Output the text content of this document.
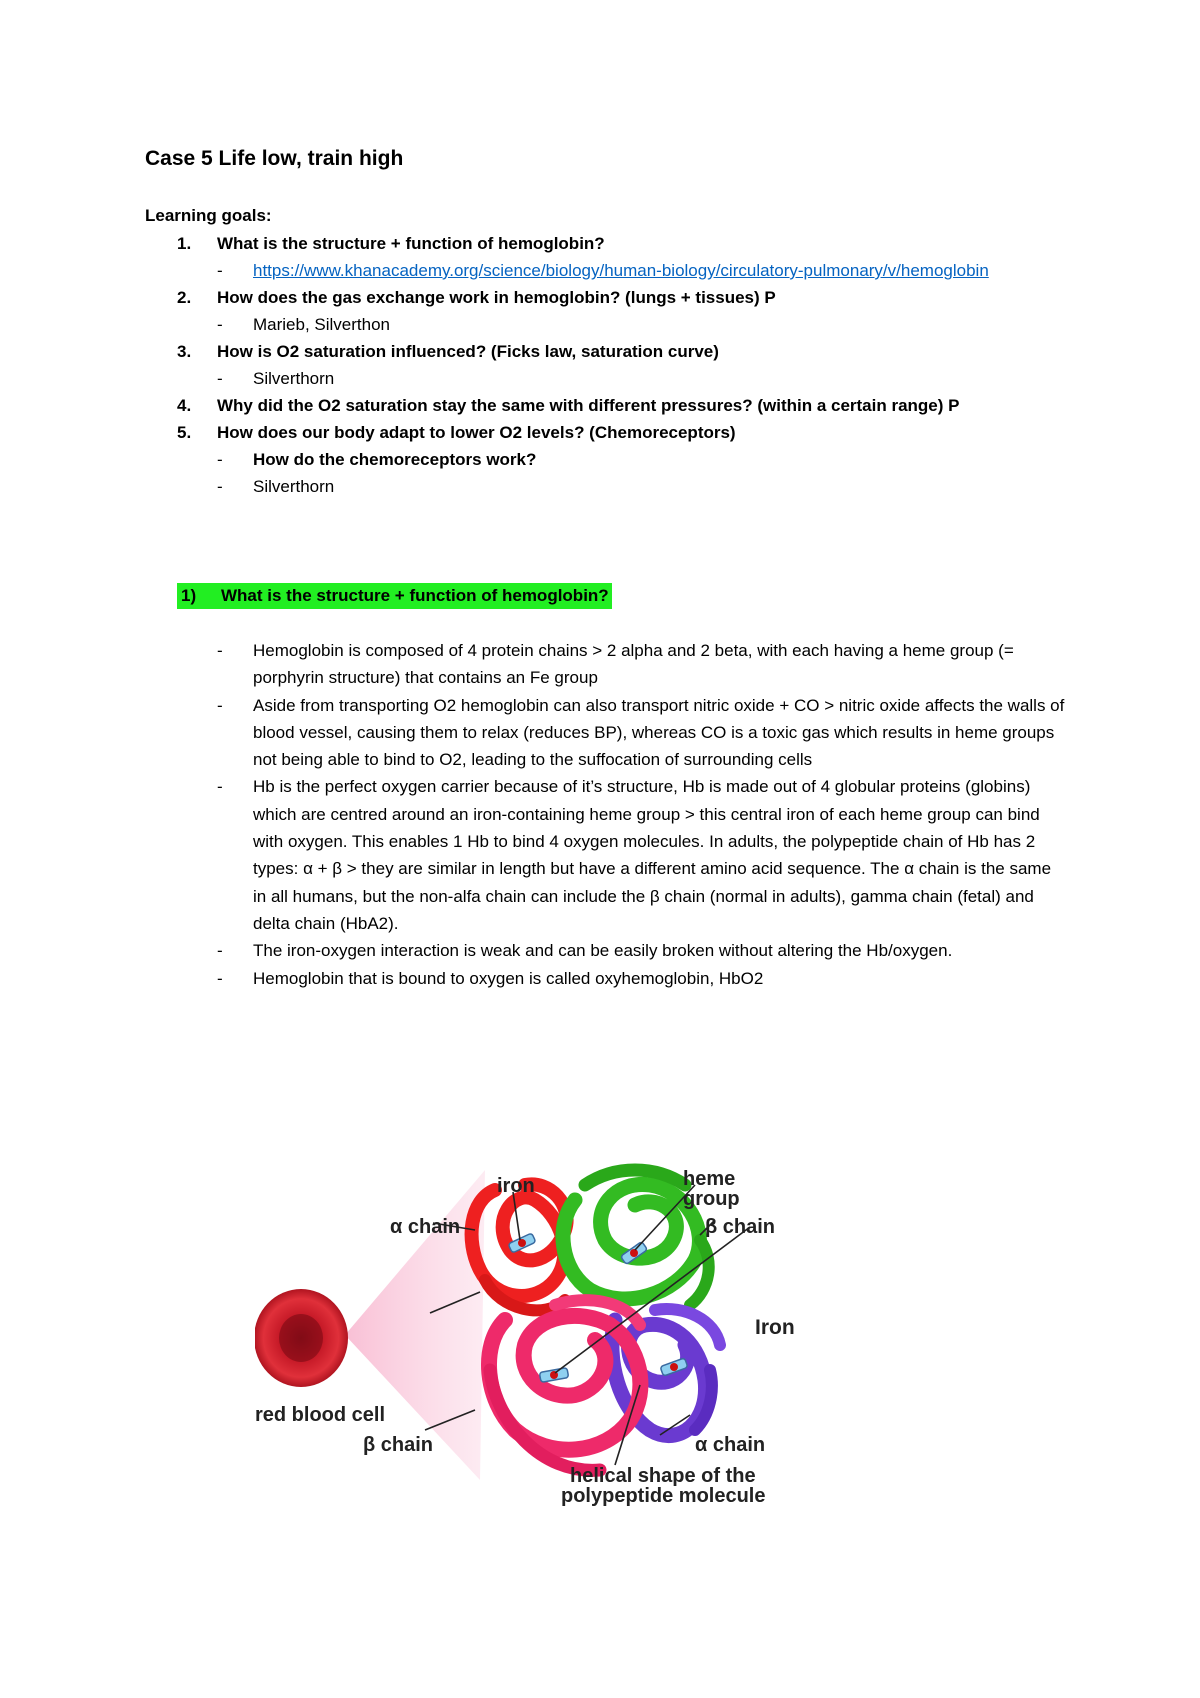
Case 5 Life low, train high
Learning goals:
1.	What is the structure + function of hemoglobin?
- https://www.khanacademy.org/science/biology/human-biology/circulatory-pulmonary/v/hemoglobin
2.	How does the gas exchange work in hemoglobin? (lungs + tissues) P
- Marieb, Silverthon
3.	How is O2 saturation influenced? (Ficks law, saturation curve)
- Silverthorn
4.	Why did the O2 saturation stay the same with different pressures? (within a certain range) P
5.	How does our body adapt to lower O2 levels? (Chemoreceptors)
- How do the chemoreceptors work?
- Silverthorn
1) What is the structure + function of hemoglobin?
- Hemoglobin is composed of 4 protein chains > 2 alpha and 2 beta, with each having a heme group (= porphyrin structure) that contains an Fe group
- Aside from transporting O2 hemoglobin can also transport nitric oxide + CO > nitric oxide affects the walls of blood vessel, causing them to relax (reduces BP), whereas CO is a toxic gas which results in heme groups not being able to bind to O2, leading to the suffocation of surrounding cells
- Hb is the perfect oxygen carrier because of it’s structure, Hb is made out of 4 globular proteins (globins) which are centred around an iron-containing heme group > this central iron of each heme group can bind with oxygen. This enables 1 Hb to bind 4 oxygen molecules. In adults, the polypeptide chain of Hb has 2 types: α + β > they are similar in length but have a different amino acid sequence. The α chain is the same in all humans, but the non-alfa chain can include the β chain (normal in adults), gamma chain (fetal) and delta chain (HbA2).
- The iron-oxygen interaction is weak and can be easily broken without altering the Hb/oxygen.
- Hemoglobin that is bound to oxygen is called oxyhemoglobin, HbO2
iron	heme
group
α chain	β chain
Iron
red blood cell
β chain	α chain
helical shape of the
polypeptide molecule
